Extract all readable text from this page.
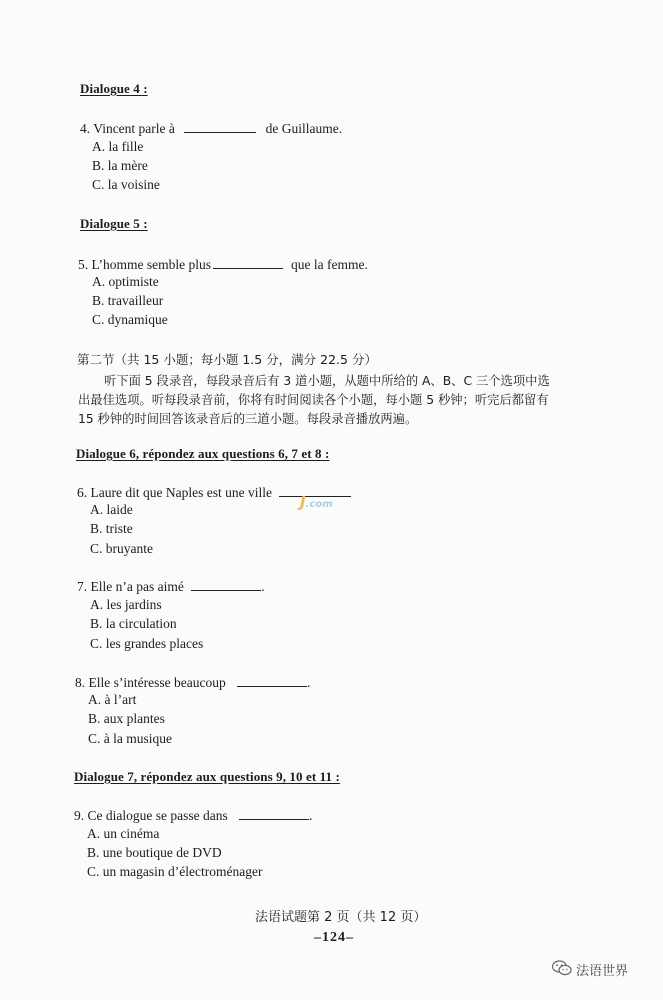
Dialogue 4 :
4. Vincent parle à	de Guillaume.
A. la fille
B. la mère
C. la voisine
Dialogue 5 :
5. L’homme semble plus	que la femme.
A. optimiste
B. travailleur
C. dynamique
第二节（共 15 小题；每小题 1.5 分，满分 22.5 分）
听下面 5 段录音，每段录音后有 3 道小题，从题中所给的 A、B、C 三个选项中选
出最佳选项。听每段录音前，你将有时间阅读各个小题，每小题 5 秒钟；听完后都留有
15 秒钟的时间回答该录音后的三道小题。每段录音播放两遍。
Dialogue 6, répondez aux questions 6, 7 et 8 :
6. Laure dit que Naples est une ville
J.com
A. laide
B. triste
C. bruyante
7. Elle n’a pas aimé	.
A. les jardins
B. la circulation
C. les grandes places
8. Elle s’intéresse beaucoup	.
A. à l’art
B. aux plantes
C. à la musique
Dialogue 7, répondez aux questions 9, 10 et 11 :
9. Ce dialogue se passe dans	.
A. un cinéma
B. une boutique de DVD
C. un magasin d’électroménager
法语试题第 2 页（共 12 页）
–124–
法语世界
